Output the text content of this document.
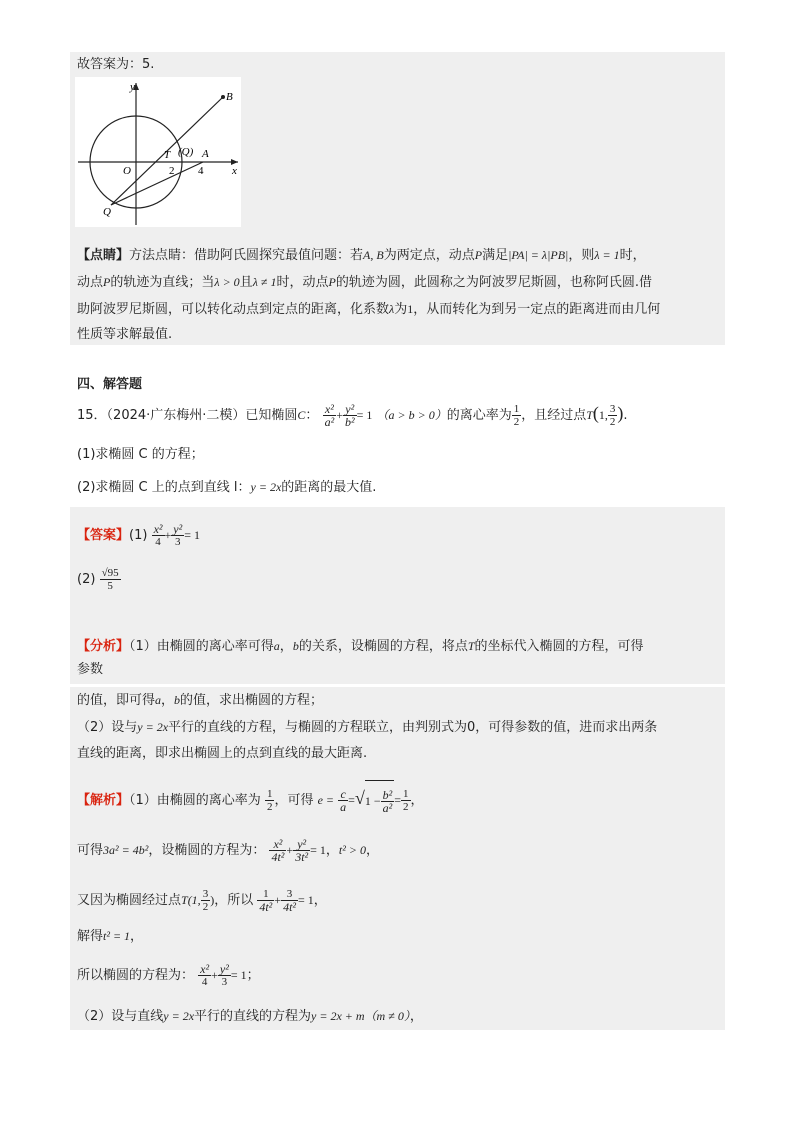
故答案为：5.
y
x
B
O
T (Q) A
2 4
Q
【点睛】方法点睛：借助阿氏圆探究最值问题：若A, B为两定点，动点P满足|PA| = λ|PB|，则λ = 1时，
动点P的轨迹为直线；当λ > 0且λ ≠ 1时，动点P的轨迹为圆，此圆称之为阿波罗尼斯圆，也称阿氏圆.借
助阿波罗尼斯圆，可以转化动点到定点的距离，化系数λ为1，从而转化为到另一定点的距离进而由几何
性质等求解最值.
四、解答题
15．（2024·广东梅州·二模）已知椭圆C： $\frac{\text{x²}}{\text{a²}} + \frac{\text{y²}}{\text{b²}} = 1$ （a > b > 0）的离心率为 $\frac{1}{2}$ ，且经过点T(1, $\frac{3}{2}$ ).
(1)求椭圆 C 的方程；
(2)求椭圆 C 上的点到直线 l：y = 2x的距离的最大值.
【答案】$(1) \frac{\text{x²}}{4} + \frac{\text{y²}}{3} = 1$
$(2) \frac{√95}{5}$
【分析】（1）由椭圆的离心率可得a，b的关系，设椭圆的方程，将点T的坐标代入椭圆的方程，可得
参数
的值，即可得a，b的值，求出椭圆的方程；
（2）设与y = 2x平行的直线的方程，与椭圆的方程联立，由判别式为0，可得参数的值，进而求出两条
直线的距离，即求出椭圆上的点到直线的最大距离.
【解析】（1）由椭圆的离心率为 $\frac{1}{2}$ ，可得 $e = \frac{c}{a} =√1 - \frac{\text{b²}}{\text{a²}} = \frac{1}{2}$ ，
可得3a² = 4b²，设椭圆的方程为： $\frac{\text{x²}}{\text{4t²}} + \frac{\text{y²}}{\text{3t²}} = 1$，t² > 0，
又因为椭圆经过点T(1, $\frac{3}{2}$ )，所以 $\frac{1}{\text{4t²}} + \frac{3}{\text{4t²}} = 1$，
解得t² = 1，
所以椭圆的方程为： $\frac{\text{x²}}{4} + \frac{\text{y²}}{3} = 1$；
（2）设与直线y = 2x平行的直线的方程为y = 2x + m（m ≠ 0），
